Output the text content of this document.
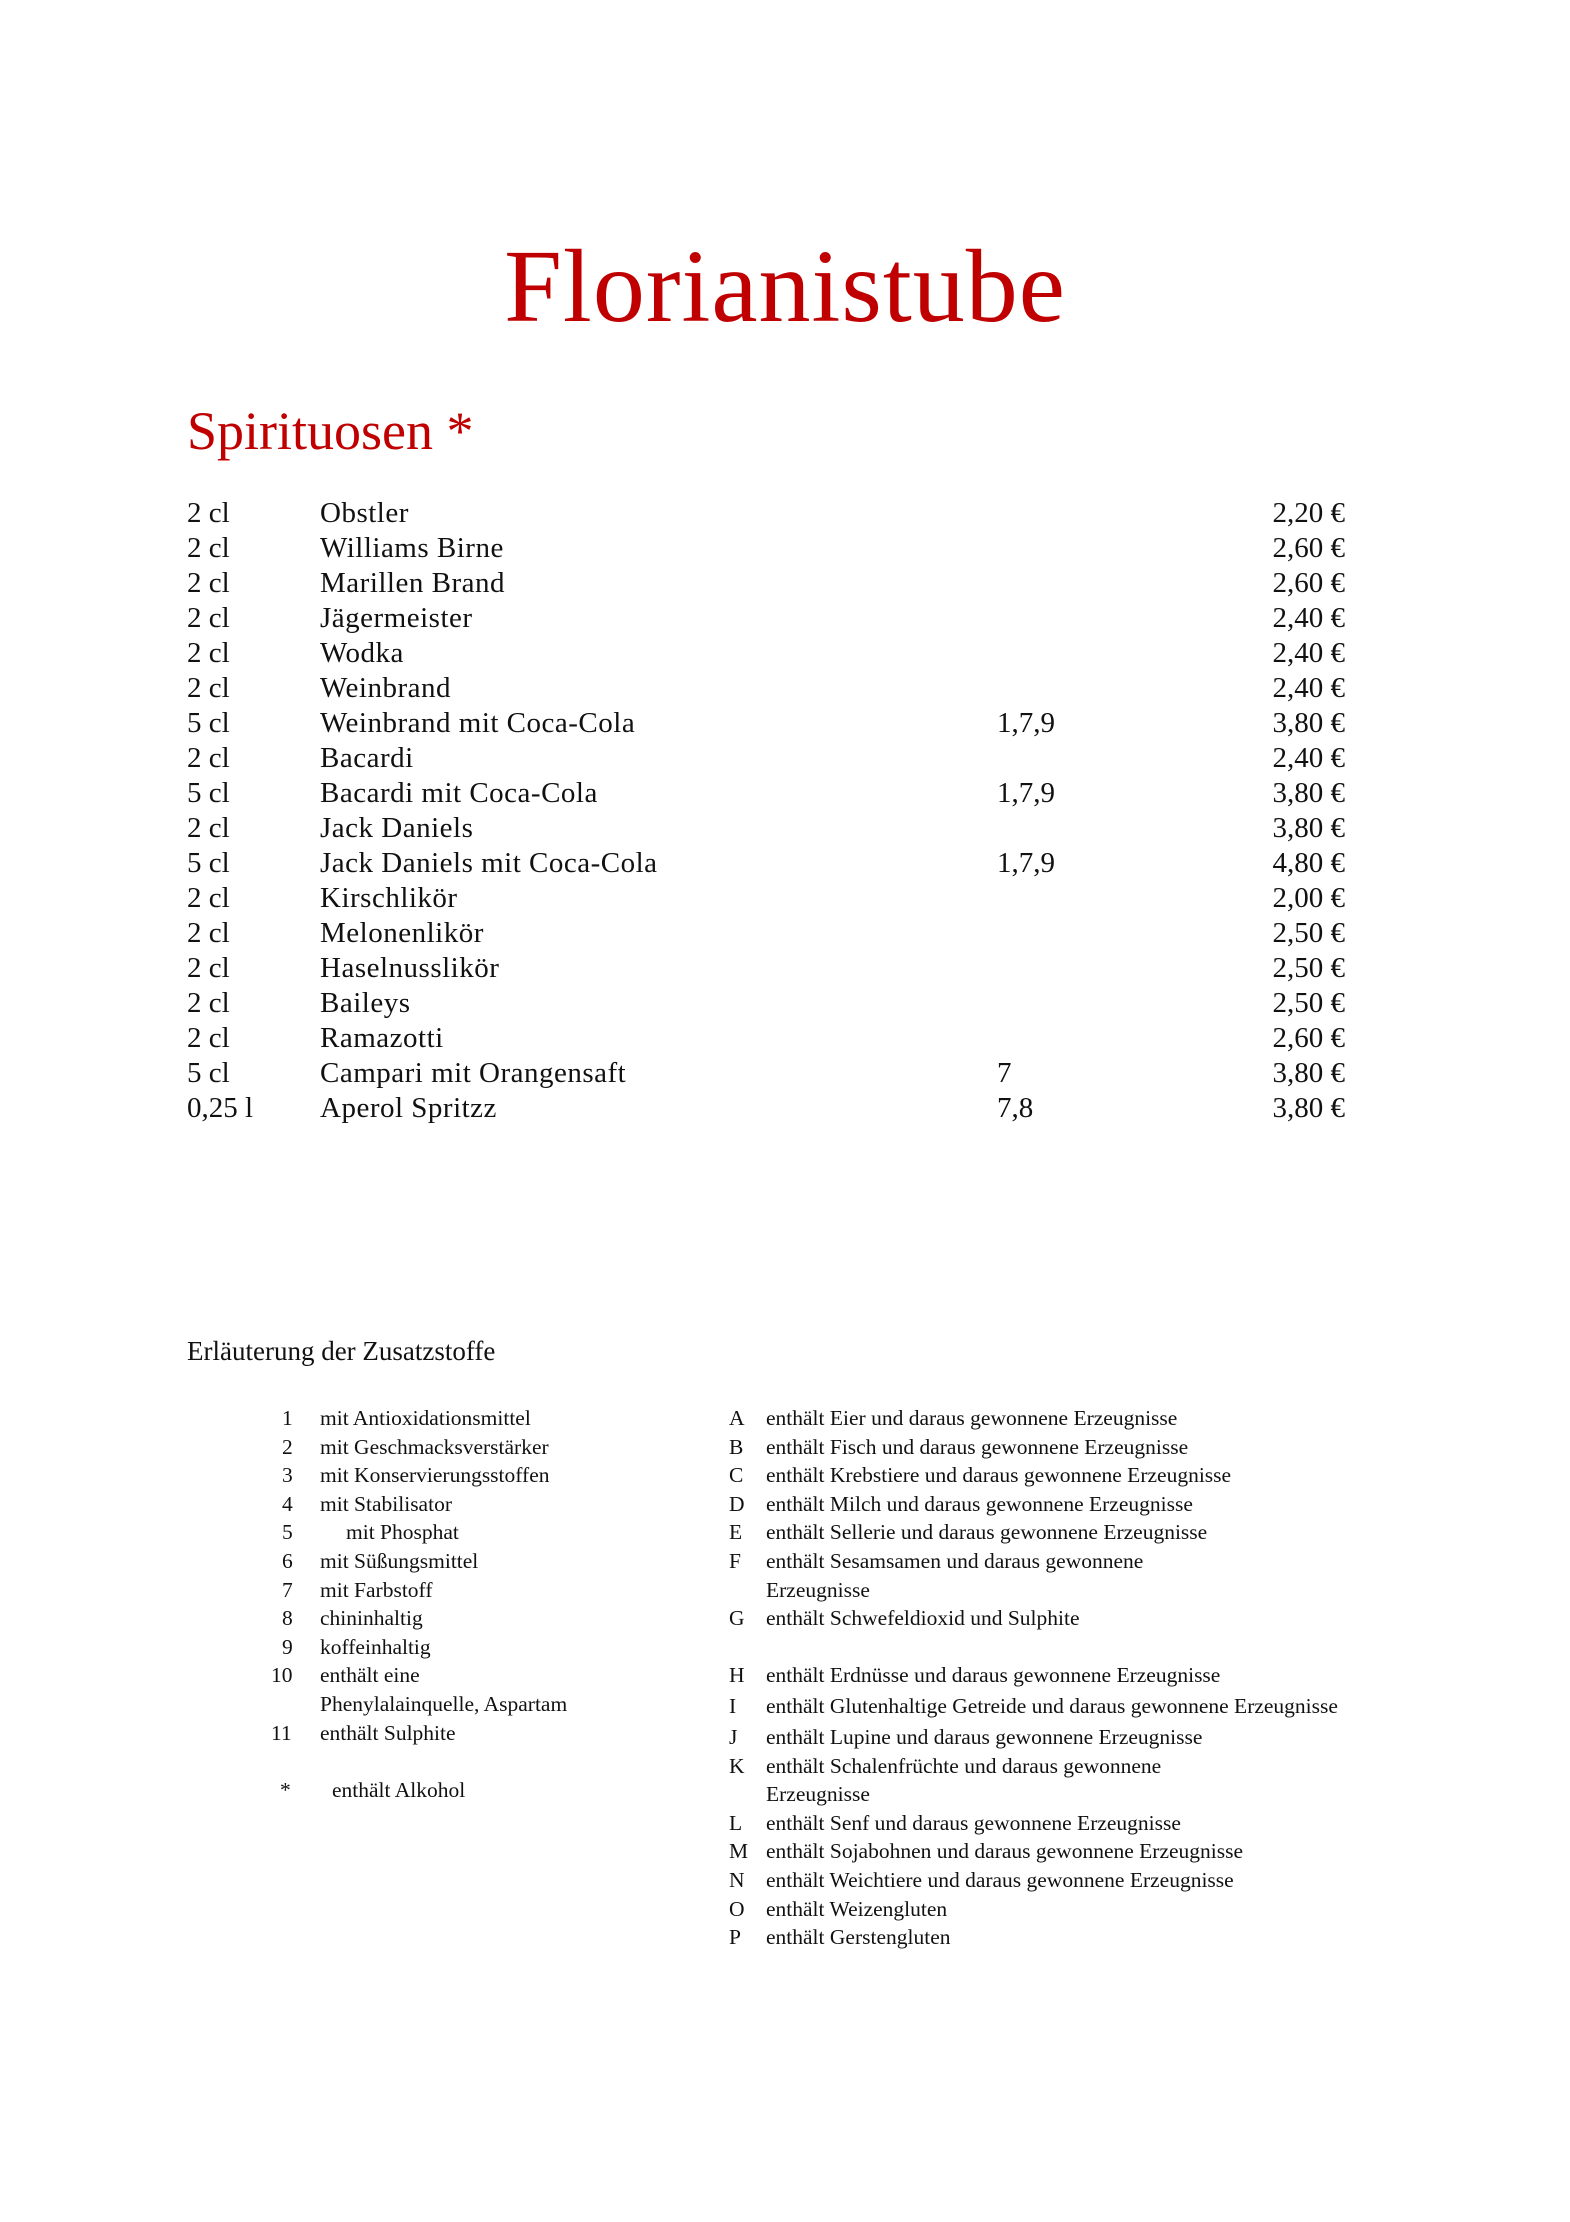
Florianistube
Spirituosen *
2 cl	Obstler	2,20 €
2 cl	Williams Birne	2,60 €
2 cl	Marillen Brand	2,60 €
2 cl	Jägermeister	2,40 €
2 cl	Wodka	2,40 €
2 cl	Weinbrand	2,40 €
5 cl	Weinbrand mit Coca-Cola	1,7,9	3,80 €
2 cl	Bacardi	2,40 €
5 cl	Bacardi mit Coca-Cola	1,7,9	3,80 €
2 cl	Jack Daniels	3,80 €
5 cl	Jack Daniels mit Coca-Cola	1,7,9	4,80 €
2 cl	Kirschlikör	2,00 €
2 cl	Melonenlikör	2,50 €
2 cl	Haselnusslikör	2,50 €
2 cl	Baileys	2,50 €
2 cl	Ramazotti	2,60 €
5 cl	Campari mit Orangensaft	7	3,80 €
0,25 l Aperol Spritzz	7,8	3,80 €
Erläuterung der Zusatzstoffe
1	mit Antioxidationsmittel
2	mit Geschmacksverstärker
3	mit Konservierungsstoffen
4	mit Stabilisator
5	mit Phosphat
6	mit Süßungsmittel
7	mit Farbstoff
8	chininhaltig
9	koffeinhaltig
10	enthält eine Phenylalainquelle, Aspartam
11	enthält Sulphite
*	enthält Alkohol
A enthält Eier und daraus gewonnene Erzeugnisse
B	enthält Fisch und daraus gewonnene Erzeugnisse
C	enthält Krebstiere und daraus gewonnene Erzeugnisse
D enthält Milch und daraus gewonnene Erzeugnisse
E	enthält Sellerie und daraus gewonnene Erzeugnisse
F	enthält Sesamsamen und daraus gewonnene Erzeugnisse
G enthält Schwefeldioxid und Sulphite
H enthält Erdnüsse und daraus gewonnene Erzeugnisse
I	enthält Glutenhaltige Getreide und daraus gewonnene Erzeugnisse
J	enthält Lupine und daraus gewonnene Erzeugnisse
K enthält Schalenfrüchte und daraus gewonnene Erzeugnisse
L	enthält Senf und daraus gewonnene Erzeugnisse
M enthält Sojabohnen und daraus gewonnene Erzeugnisse
N enthält Weichtiere und daraus gewonnene Erzeugnisse
O enthält Weizengluten
P	enthält Gerstengluten
